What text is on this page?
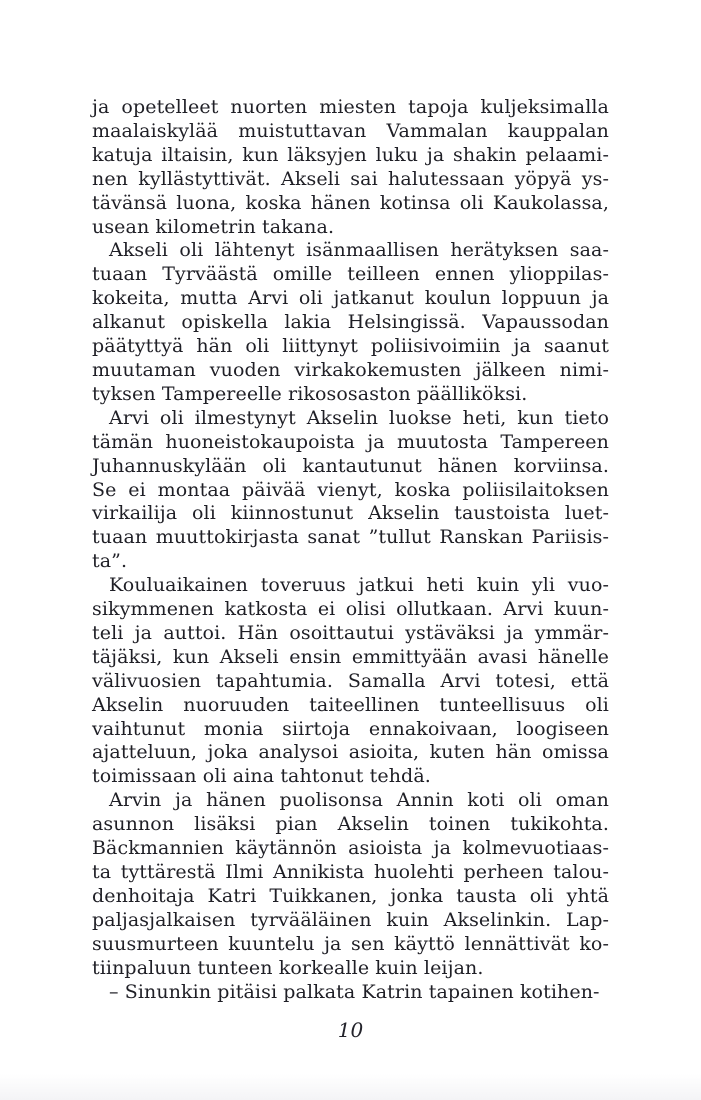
ja opetelleet nuorten miesten tapoja kuljeksimalla
maalaiskylää muistuttavan Vammalan kauppalan
katuja iltaisin, kun läksyjen luku ja shakin pelaami-
nen kyllästyttivät. Akseli sai halutessaan yöpyä ys-
tävänsä luona, koska hänen kotinsa oli Kaukolassa,
usean kilometrin takana.
Akseli oli lähtenyt isänmaallisen herätyksen saa-
tuaan Tyrväästä omille teilleen ennen ylioppilas-
kokeita, mutta Arvi oli jatkanut koulun loppuun ja
alkanut opiskella lakia Helsingissä. Vapaussodan
päätyttyä hän oli liittynyt poliisivoimiin ja saanut
muutaman vuoden virkakokemusten jälkeen nimi-
tyksen Tampereelle rikososaston päälliköksi.
Arvi oli ilmestynyt Akselin luokse heti, kun tieto
tämän huoneistokaupoista ja muutosta Tampereen
Juhannuskylään oli kantautunut hänen korviinsa.
Se ei montaa päivää vienyt, koska poliisilaitoksen
virkailija oli kiinnostunut Akselin taustoista luet-
tuaan muuttokirjasta sanat ”tullut Ranskan Pariisis-
ta”.
Kouluaikainen toveruus jatkui heti kuin yli vuo-
sikymmenen katkosta ei olisi ollutkaan. Arvi kuun-
teli ja auttoi. Hän osoittautui ystäväksi ja ymmär-
täjäksi, kun Akseli ensin emmittyään avasi hänelle
välivuosien tapahtumia. Samalla Arvi totesi, että
Akselin nuoruuden taiteellinen tunteellisuus oli
vaihtunut monia siirtoja ennakoivaan, loogiseen
ajatteluun, joka analysoi asioita, kuten hän omissa
toimissaan oli aina tahtonut tehdä.
Arvin ja hänen puolisonsa Annin koti oli oman
asunnon lisäksi pian Akselin toinen tukikohta.
Bäckmannien käytännön asioista ja kolmevuotiaas-
ta tyttärestä Ilmi Annikista huolehti perheen talou-
denhoitaja Katri Tuikkanen, jonka tausta oli yhtä
paljasjalkaisen tyrvääläinen kuin Akselinkin. Lap-
suusmurteen kuuntelu ja sen käyttö lennättivät ko-
tiinpaluun tunteen korkealle kuin leijan.
– Sinunkin pitäisi palkata Katrin tapainen kotihen-
10
